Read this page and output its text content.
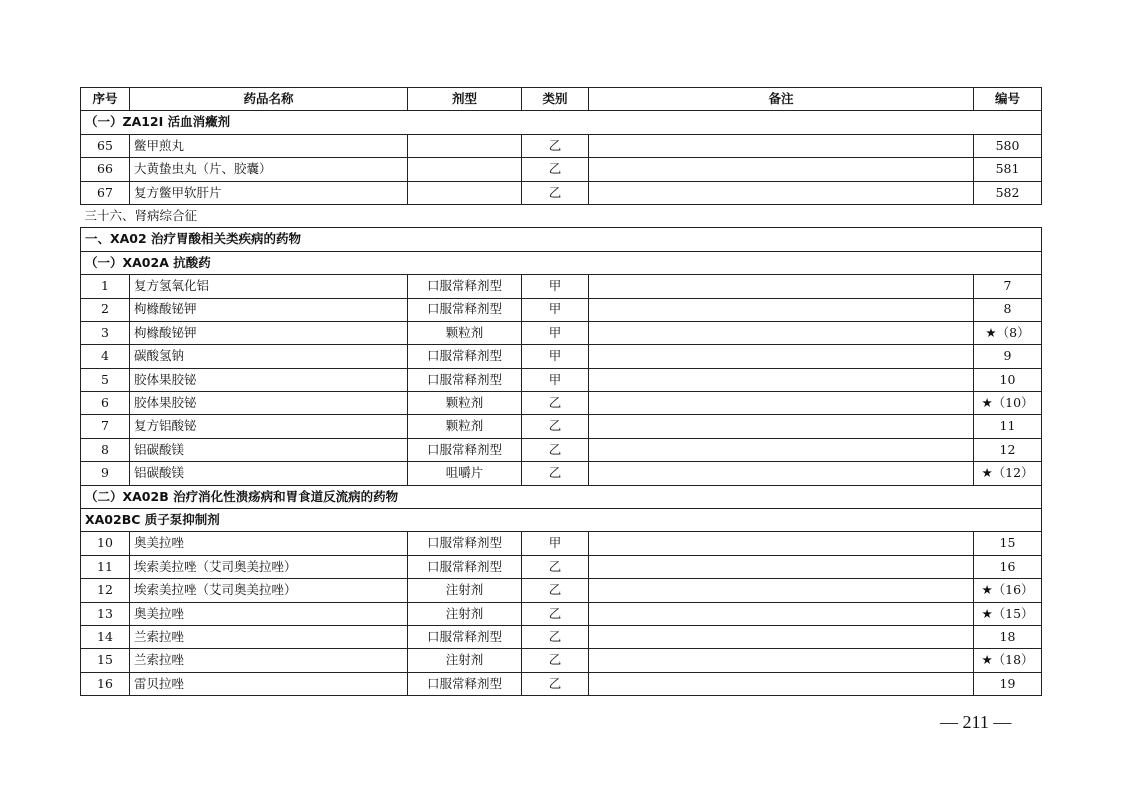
序号	药品名称	剂型	类别	备注	编号
（一）ZA12I 活血消癥剂					
65	鳖甲煎丸		乙		580
66	大黄蛰虫丸（片、胶囊）		乙		581
67	复方鳖甲软肝片		乙		582
三十六、肾病综合征					
一、XA02 治疗胃酸相关类疾病的药物					
（一）XA02A 抗酸药					
1	复方氢氧化铝	口服常释剂型	甲		7
2	枸橼酸铋钾	口服常释剂型	甲		8
3	枸橼酸铋钾	颗粒剂	甲		★（8）
4	碳酸氢钠	口服常释剂型	甲		9
5	胶体果胶铋	口服常释剂型	甲		10
6	胶体果胶铋	颗粒剂	乙		★（10）
7	复方铝酸铋	颗粒剂	乙		11
8	铝碳酸镁	口服常释剂型	乙		12
9	铝碳酸镁	咀嚼片	乙		★（12）
（二）XA02B 治疗消化性溃疡病和胃食道反流病的药物					
XA02BC 质子泵抑制剂					
10	奥美拉唑	口服常释剂型	甲		15
11	埃索美拉唑（艾司奥美拉唑）	口服常释剂型	乙		16
12	埃索美拉唑（艾司奥美拉唑）	注射剂	乙		★（16）
13	奥美拉唑	注射剂	乙		★（15）
14	兰索拉唑	口服常释剂型	乙		18
15	兰索拉唑	注射剂	乙		★（18）
16	雷贝拉唑	口服常释剂型	乙		19
— 211 —
